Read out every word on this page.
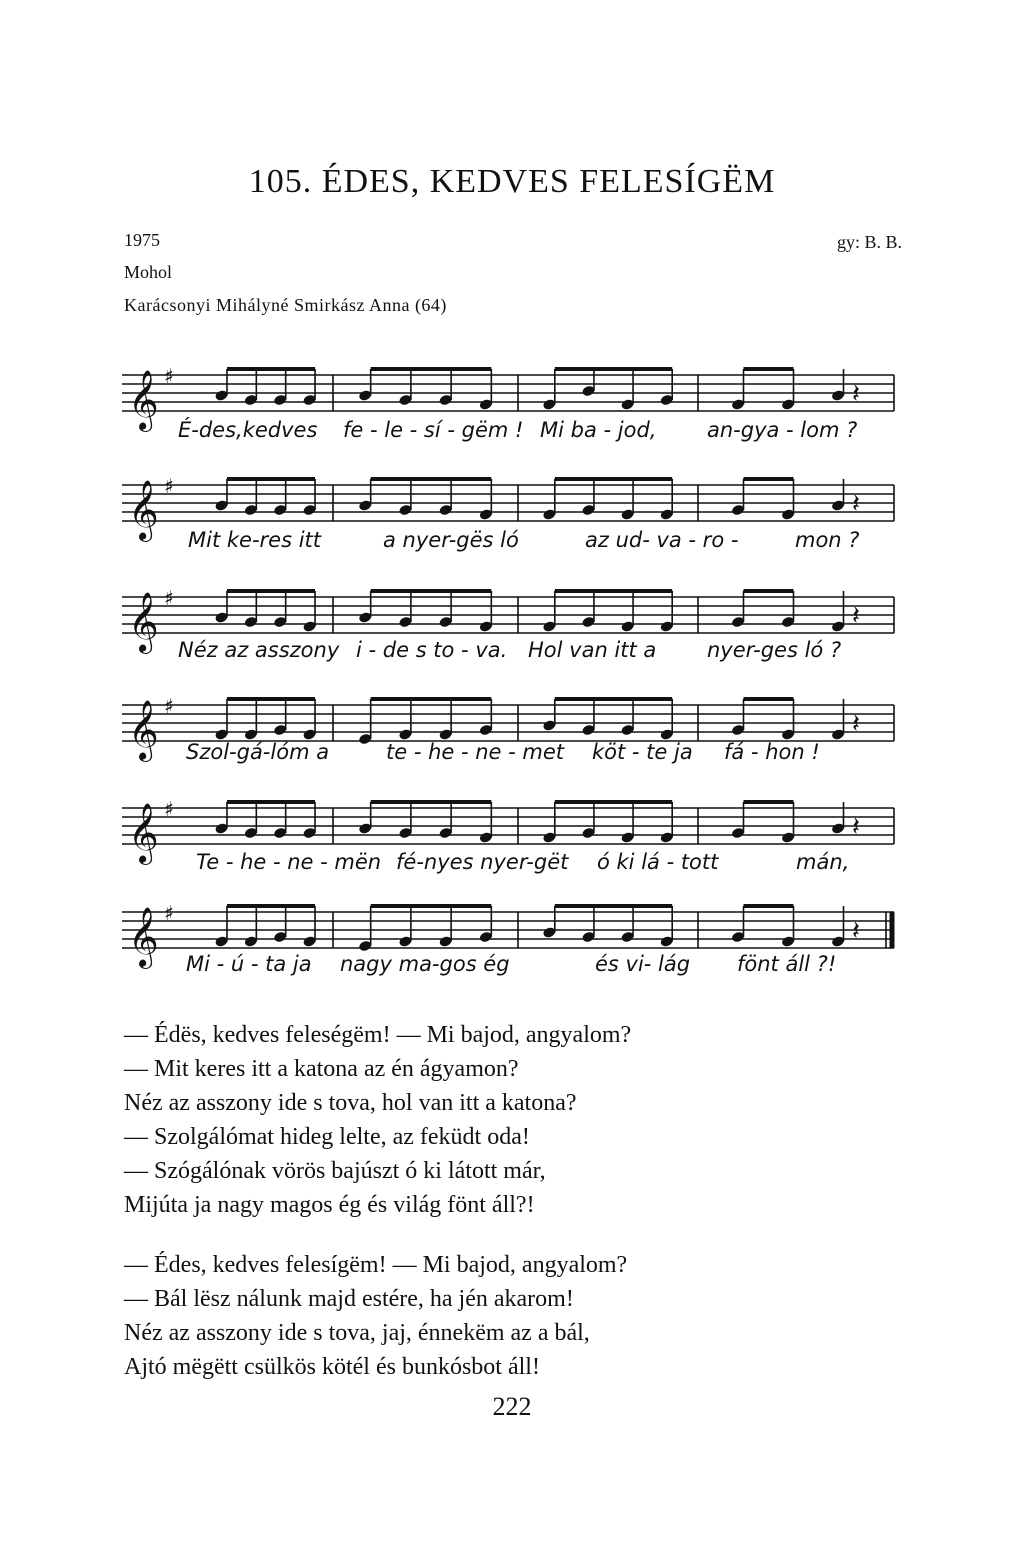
105. ÉDES, KEDVES FELESÍGËM
1975
Mohol
Karácsonyi Mihályné Smirkász Anna (64)
gy: B. B.
𝄞 ♯
𝄽
É-des,kedves fe - le - sí - gëm ! Mi ba - jod, an-gya - lom ?
𝄞 ♯
𝄽
Mit ke-res itt	a nyer-gës ló	az ud- va - ro -	mon ?
𝄞 ♯
𝄽
Néz az asszony i - de s to - va. Hol van itt a nyer-ges ló ?
𝄞 ♯
𝄽
Szol-gá-lóm a	te - he - ne - met köt - te ja fá - hon !
𝄞 ♯
𝄽
Te - he - ne - mën fé-nyes nyer-gët ó ki lá - tott	mán,
𝄞 ♯
𝄽
Mi - ú - ta ja nagy ma-gos ég	és vi- lág fönt áll ?!
— Édës, kedves feleségëm! — Mi bajod, angyalom?
— Mit keres itt a katona az én ágyamon?
Néz az asszony ide s tova, hol van itt a katona?
— Szolgálómat hideg lelte, az feküdt oda!
— Szógálónak vörös bajúszt ó ki látott már,
Mijúta ja nagy magos ég és világ fönt áll?!
— Édes, kedves felesígëm! — Mi bajod, angyalom?
— Bál lësz nálunk majd estére, ha jén akarom!
Néz az asszony ide s tova, jaj, énnekëm az a bál,
Ajtó mëgëtt csülkös kötél és bunkósbot áll!
222
